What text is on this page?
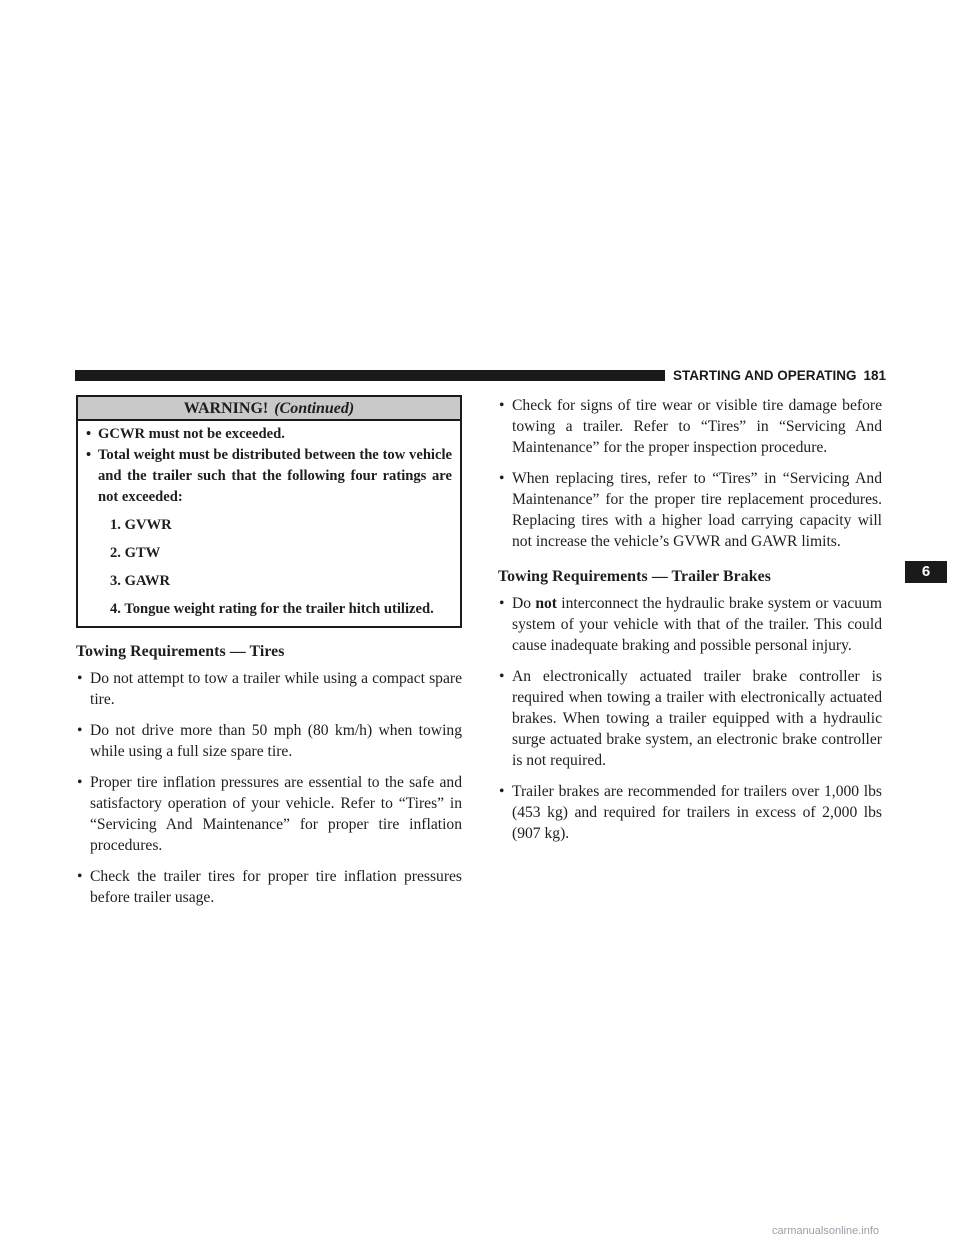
STARTING AND OPERATING 181
WARNING! (Continued)
• GCWR must not be exceeded.
• Total weight must be distributed between the tow vehicle and the trailer such that the following four ratings are not exceeded:
1. GVWR
2. GTW
3. GAWR
4. Tongue weight rating for the trailer hitch utilized.
Towing Requirements — Tires
• Do not attempt to tow a trailer while using a compact spare tire.
• Do not drive more than 50 mph (80 km/h) when towing while using a full size spare tire.
• Proper tire inflation pressures are essential to the safe and satisfactory operation of your vehicle. Refer to “Tires” in “Servicing And Maintenance” for proper tire inflation procedures.
• Check the trailer tires for proper tire inflation pressures before trailer usage.
• Check for signs of tire wear or visible tire damage before towing a trailer. Refer to “Tires” in “Servicing And Maintenance” for the proper inspection procedure.
• When replacing tires, refer to “Tires” in “Servicing And Maintenance” for the proper tire replacement procedures. Replacing tires with a higher load carrying capacity will not increase the vehicle’s GVWR and GAWR limits.
Towing Requirements — Trailer Brakes
• Do not interconnect the hydraulic brake system or vacuum system of your vehicle with that of the trailer. This could cause inadequate braking and possible personal injury.
• An electronically actuated trailer brake controller is required when towing a trailer with electronically actuated brakes. When towing a trailer equipped with a hydraulic surge actuated brake system, an electronic brake controller is not required.
• Trailer brakes are recommended for trailers over 1,000 lbs (453 kg) and required for trailers in excess of 2,000 lbs (907 kg).
6
carmanualsonline.info
